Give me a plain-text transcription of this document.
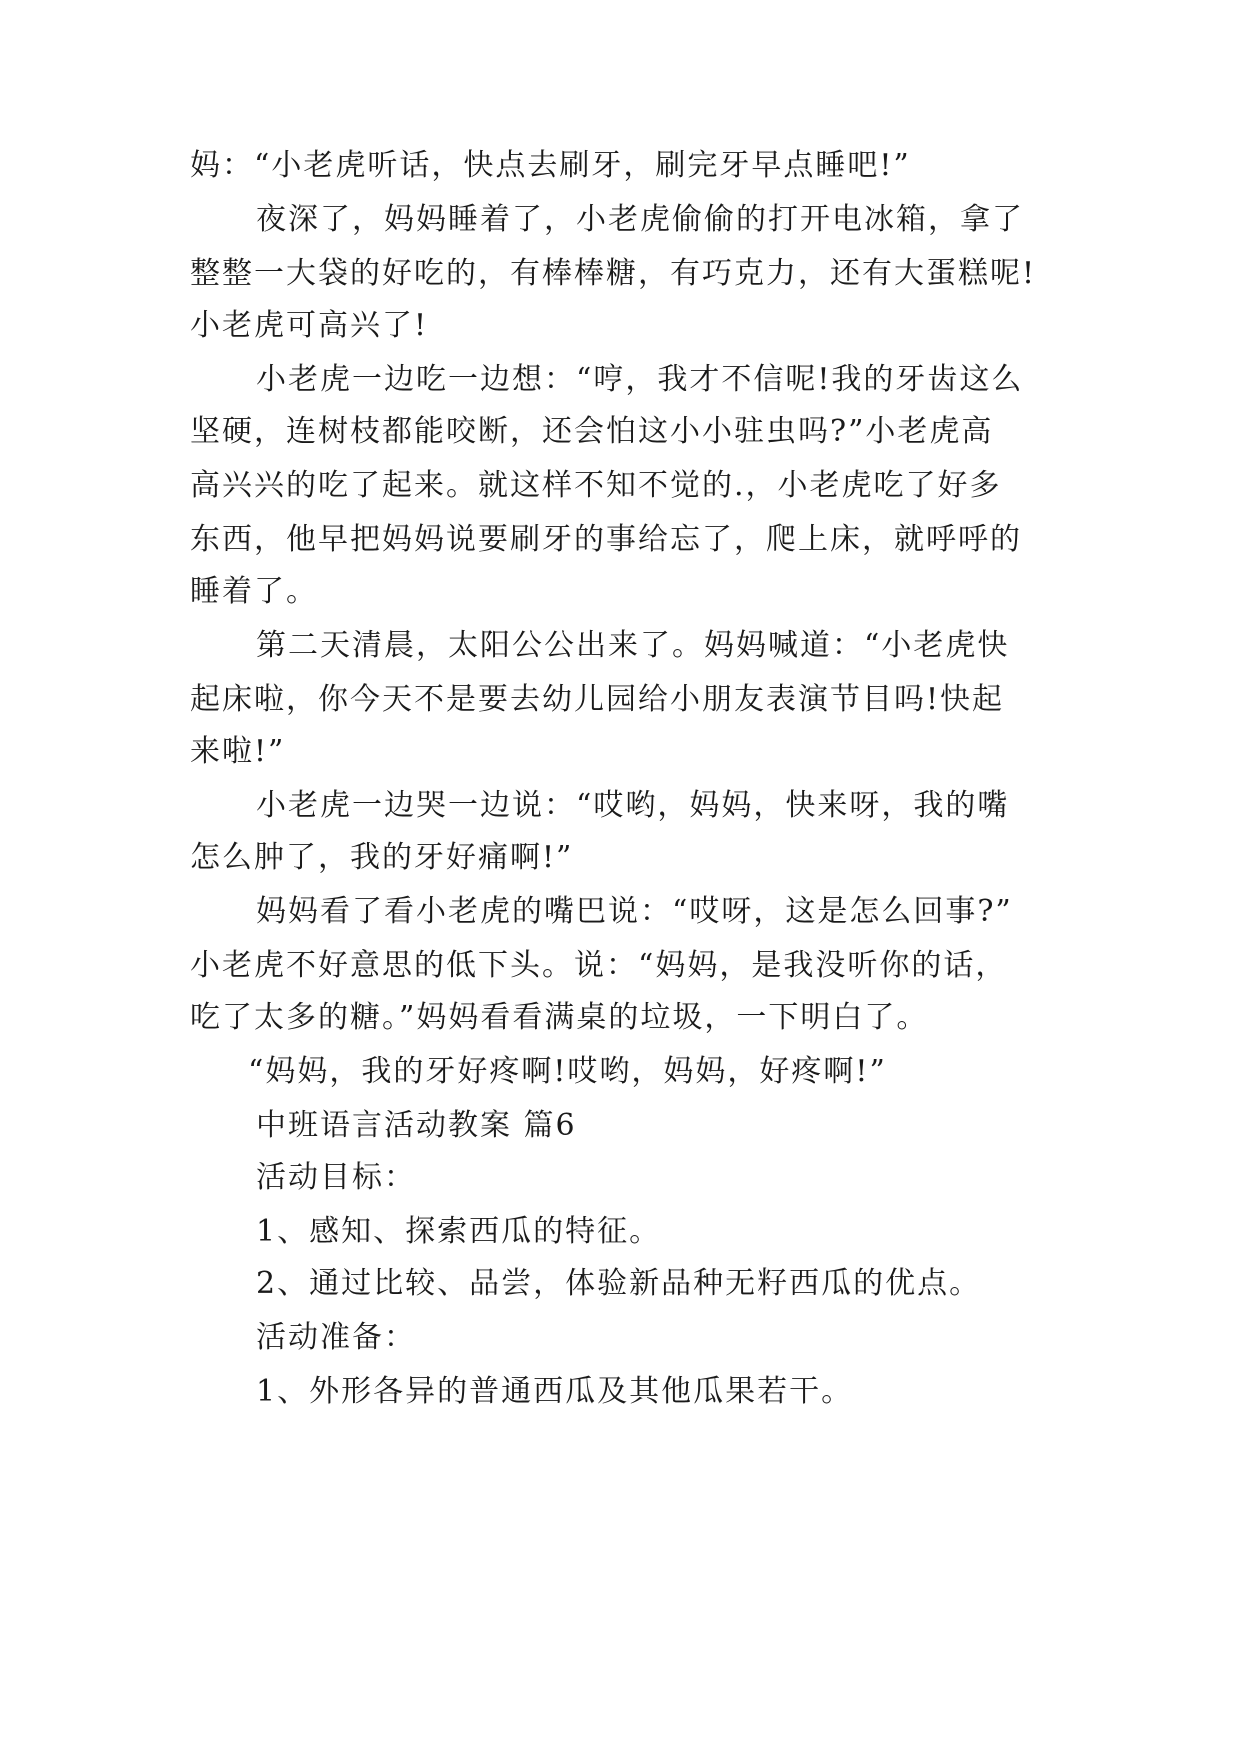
妈：“小老虎听话，快点去刷牙，刷完牙早点睡吧!”
夜深了，妈妈睡着了，小老虎偷偷的打开电冰箱，拿了
整整一大袋的好吃的，有棒棒糖，有巧克力，还有大蛋糕呢!
小老虎可高兴了!
小老虎一边吃一边想：“哼，我才不信呢!我的牙齿这么
坚硬，连树枝都能咬断，还会怕这小小驻虫吗?”小老虎高
高兴兴的吃了起来。就这样不知不觉的.，小老虎吃了好多
东西，他早把妈妈说要刷牙的事给忘了，爬上床，就呼呼的
睡着了。
第二天清晨，太阳公公出来了。妈妈喊道：“小老虎快
起床啦，你今天不是要去幼儿园给小朋友表演节目吗!快起
来啦!”
小老虎一边哭一边说：“哎哟，妈妈，快来呀，我的嘴
怎么肿了，我的牙好痛啊!”
妈妈看了看小老虎的嘴巴说：“哎呀，这是怎么回事?”
小老虎不好意思的低下头。说：“妈妈，是我没听你的话，
吃了太多的糖。”妈妈看看满桌的垃圾，一下明白了。
“妈妈，我的牙好疼啊!哎哟，妈妈，好疼啊!”
中班语言活动教案 篇6
活动目标：
1、感知、探索西瓜的特征。
2、通过比较、品尝，体验新品种无籽西瓜的优点。
活动准备：
1、外形各异的普通西瓜及其他瓜果若干。
